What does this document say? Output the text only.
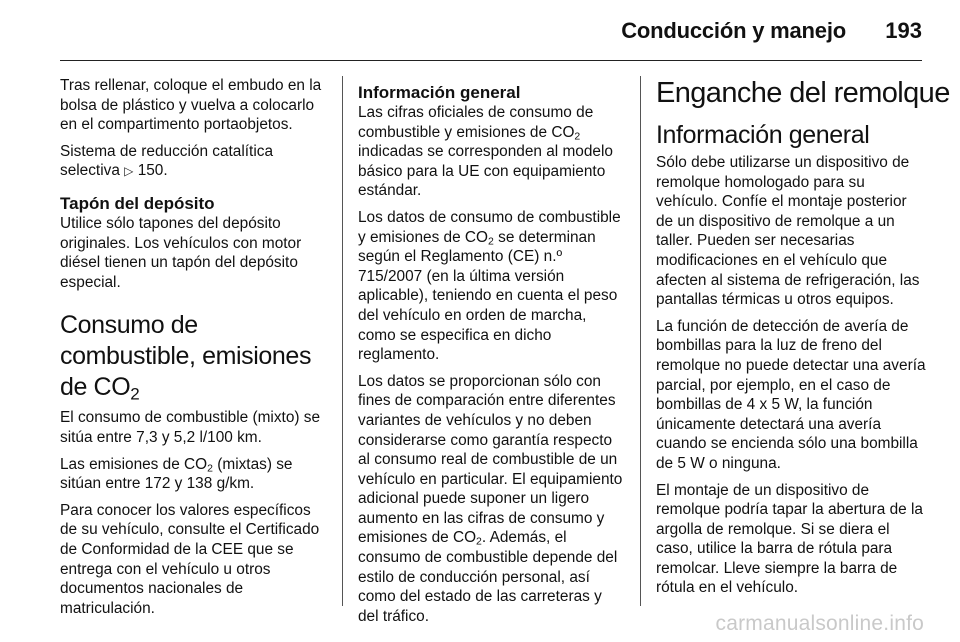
Conducción y manejo 193

Tras rellenar, coloque el embudo en la bolsa de plástico y vuelva a colocarlo en el compartimento portaobjetos.

Sistema de reducción catalítica selectiva ▷ 150.

Tapón del depósito

Utilice sólo tapones del depósito originales. Los vehículos con motor diésel tienen un tapón del depósito especial.

Consumo de combustible, emisiones de $CO_2$

El consumo de combustible (mixto) se sitúa entre 7,3 y 5,2 l/100 km.

Las emisiones de $CO_2$ (mixtas) se sitúan entre 172 y 138 g/km.

Para conocer los valores específicos de su vehículo, consulte el Certificado de Conformidad de la CEE que se entrega con el vehículo u otros documentos nacionales de matriculación.

Información general

Las cifras oficiales de consumo de combustible y emisiones de $CO_2$ indicadas se corresponden al modelo básico para la UE con equipamiento estándar.

Los datos de consumo de combustible y emisiones de $CO_2$ se determinan según el Reglamento (CE) n.º 715/2007 (en la última versión aplicable), teniendo en cuenta el peso del vehículo en orden de marcha, como se especifica en dicho reglamento.

Los datos se proporcionan sólo con fines de comparación entre diferentes variantes de vehículos y no deben considerarse como garantía respecto al consumo real de combustible de un vehículo en particular. El equipamiento adicional puede suponer un ligero aumento en las cifras de consumo y emisiones de $CO_2$. Además, el consumo de combustible depende del estilo de conducción personal, así como del estado de las carreteras y del tráfico.

Enganche del remolque
Información general

Sólo debe utilizarse un dispositivo de remolque homologado para su vehículo. Confíe el montaje posterior de un dispositivo de remolque a un taller. Pueden ser necesarias modificaciones en el vehículo que afecten al sistema de refrigeración, las pantallas térmicas u otros equipos.

La función de detección de avería de bombillas para la luz de freno del remolque no puede detectar una avería parcial, por ejemplo, en el caso de bombillas de 4 x 5 W, la función únicamente detectará una avería cuando se encienda sólo una bombilla de 5 W o ninguna.

El montaje de un dispositivo de remolque podría tapar la abertura de la argolla de remolque. Si se diera el caso, utilice la barra de rótula para remolcar. Lleve siempre la barra de rótula en el vehículo.

carmanualsonline.info
